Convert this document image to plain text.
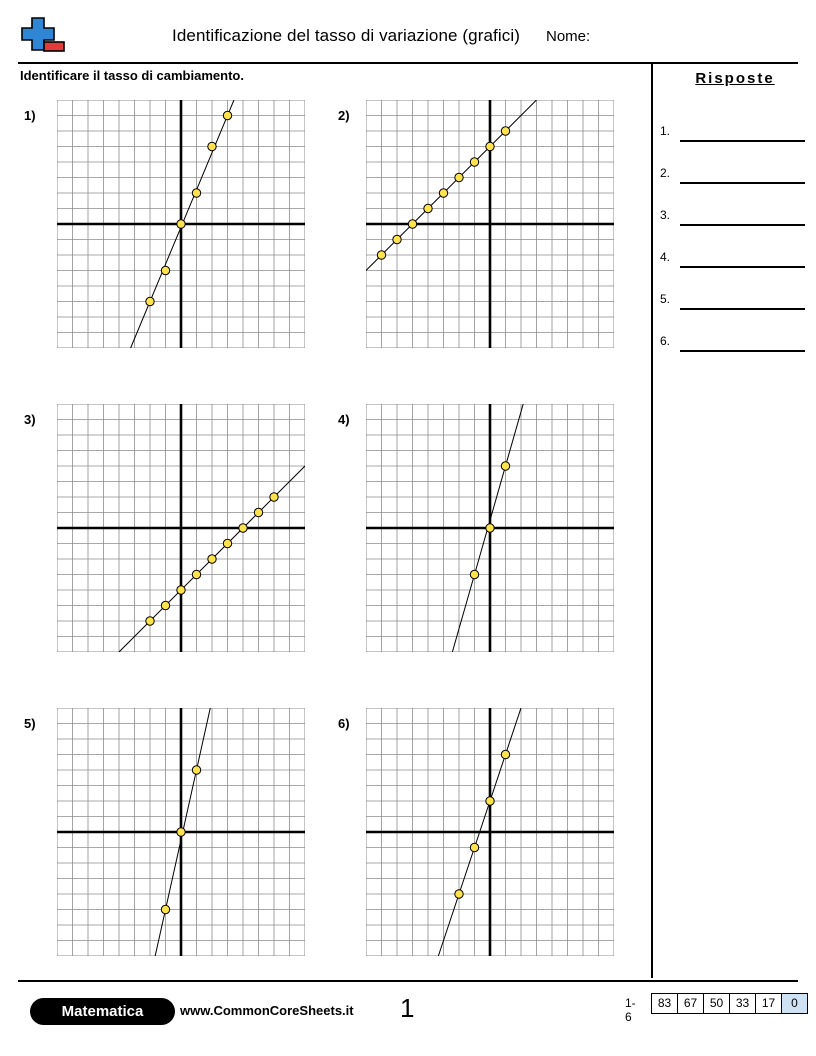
Identificazione del tasso di variazione (grafici)	Nome:
Identificare il tasso di cambiamento.	Risposte
1.
2.
3.
4.
5.
6.
1)	2)
3)	4)
5)	6)
Matematica	www.CommonCoreSheets.it 1	1-6
83	67	50	33	17	0
